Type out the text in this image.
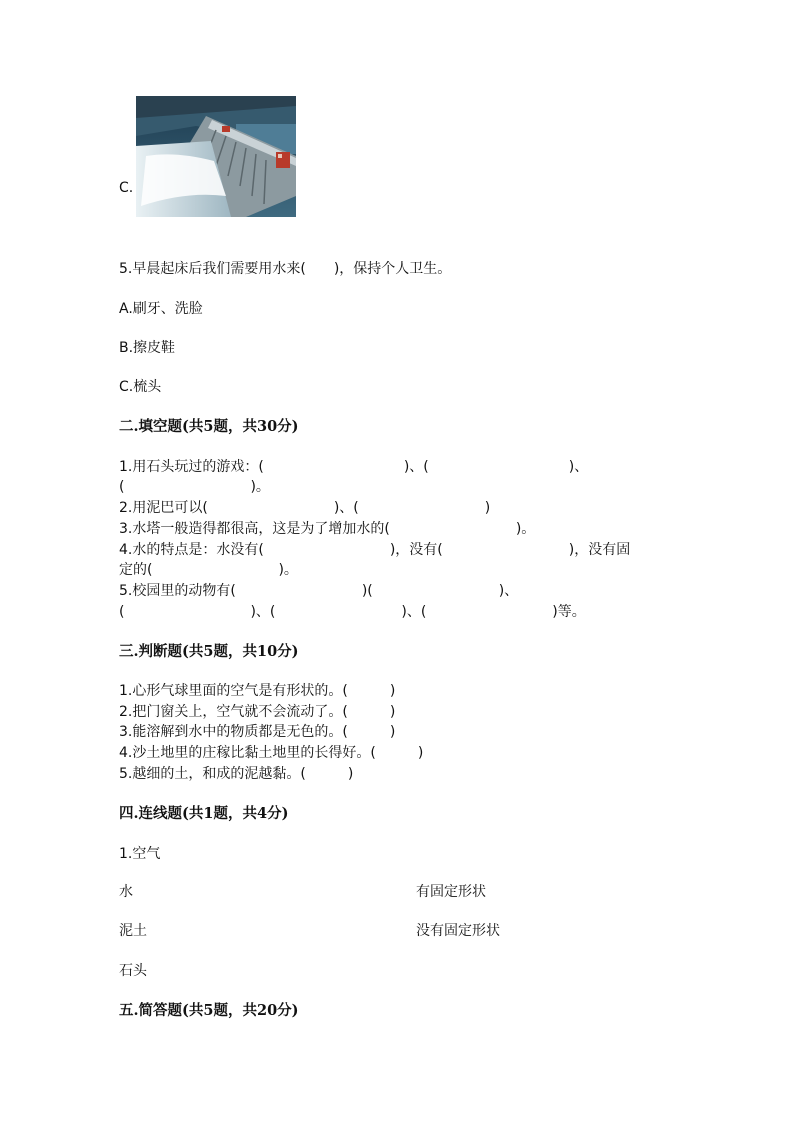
C.
5.早晨起床后我们需要用水来(　　)，保持个人卫生。
A.刷牙、洗脸
B.擦皮鞋
C.梳头
二.填空题(共5题，共30分)
1.用石头玩过的游戏：(　　　　　　　　　　)、(　　　　　　　　　　)、
(　　　　　　　　　)。
2.用泥巴可以(　　　　　　　　　)、(　　　　　　　　　)
3.水塔一般造得都很高，这是为了增加水的(　　　　　　　　　)。
4.水的特点是：水没有(　　　　　　　　　)，没有(　　　　　　　　　)，没有固
定的(　　　　　　　　　)。
5.校园里的动物有(　　　　　　　　　)(　　　　　　　　　)、
(　　　　　　　　　)、(　　　　　　　　　)、(　　　　　　　　　)等。
三.判断题(共5题，共10分)
1.心形气球里面的空气是有形状的。(　　　)
2.把门窗关上，空气就不会流动了。(　　　)
3.能溶解到水中的物质都是无色的。(　　　)
4.沙土地里的庄稼比黏土地里的长得好。(　　　)
5.越细的土，和成的泥越黏。(　　　)
四.连线题(共1题，共4分)
1.空气
水	有固定形状
泥土	没有固定形状
石头
五.简答题(共5题，共20分)
